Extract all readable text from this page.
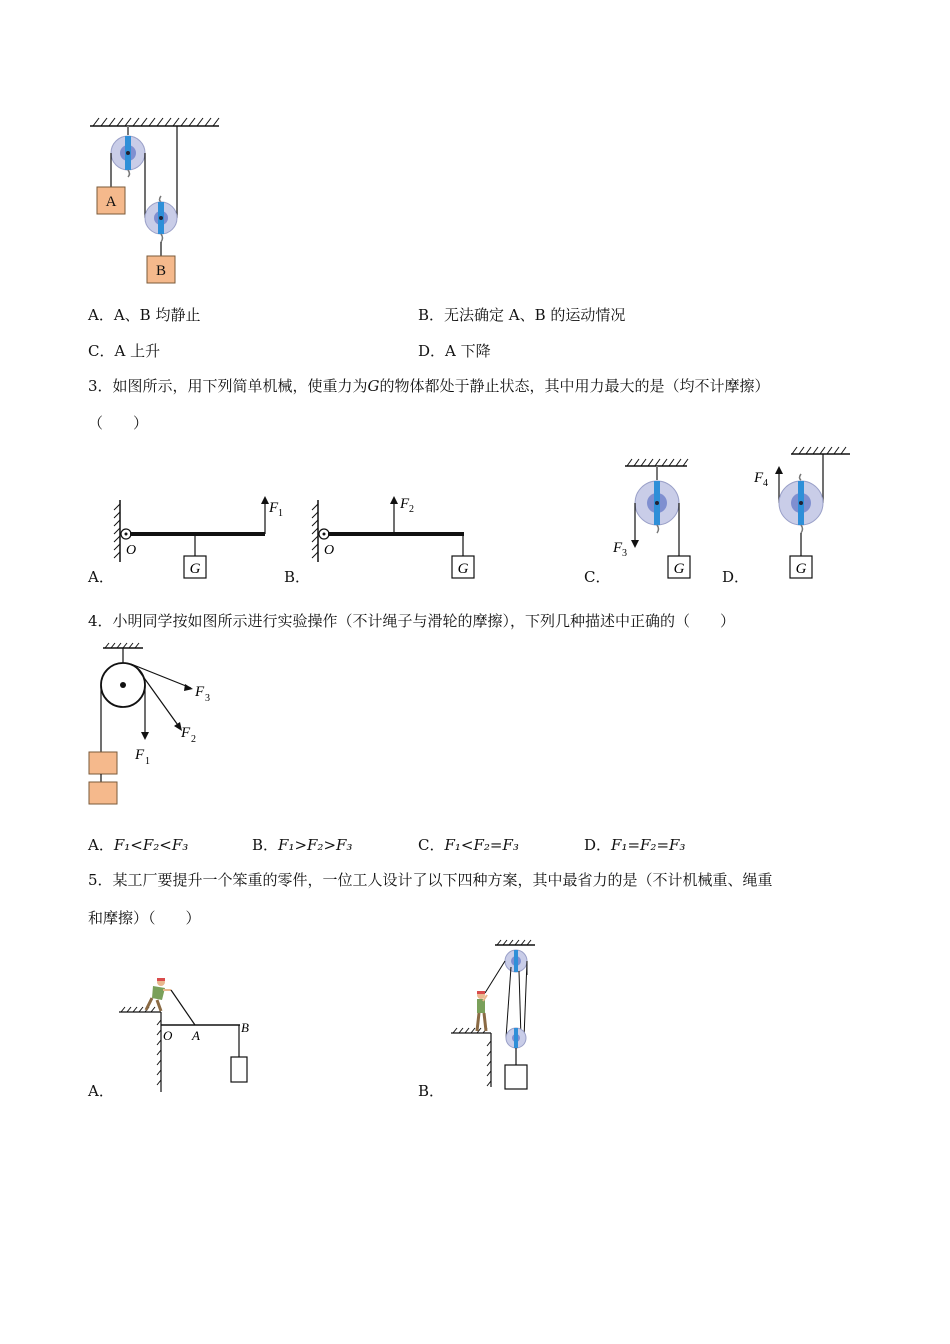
A
B
A．A、B 均静止	B．无法确定 A、B 的运动情况
C．A 上升	D．A 下降
3．如图所示，用下列简单机械，使重力为G的物体都处于静止状态，其中用力最大的是（均不计摩擦）
（　　）
F 1
O
G
A．
F 2
O
G
B．
F 3
G
C．
F 4
G
D．
4．小明同学按如图所示进行实验操作（不计绳子与滑轮的摩擦），下列几种描述中正确的（　　）
F 1
F 2
F 3
A．F₁<F₂<F₃	B．F₁>F₂>F₃	C．F₁<F₂=F₃	D．F₁=F₂=F₃
5．某工厂要提升一个笨重的零件，一位工人设计了以下四种方案，其中最省力的是（不计机械重、绳重
和摩擦）（　　）
O A
B
A．	B．
